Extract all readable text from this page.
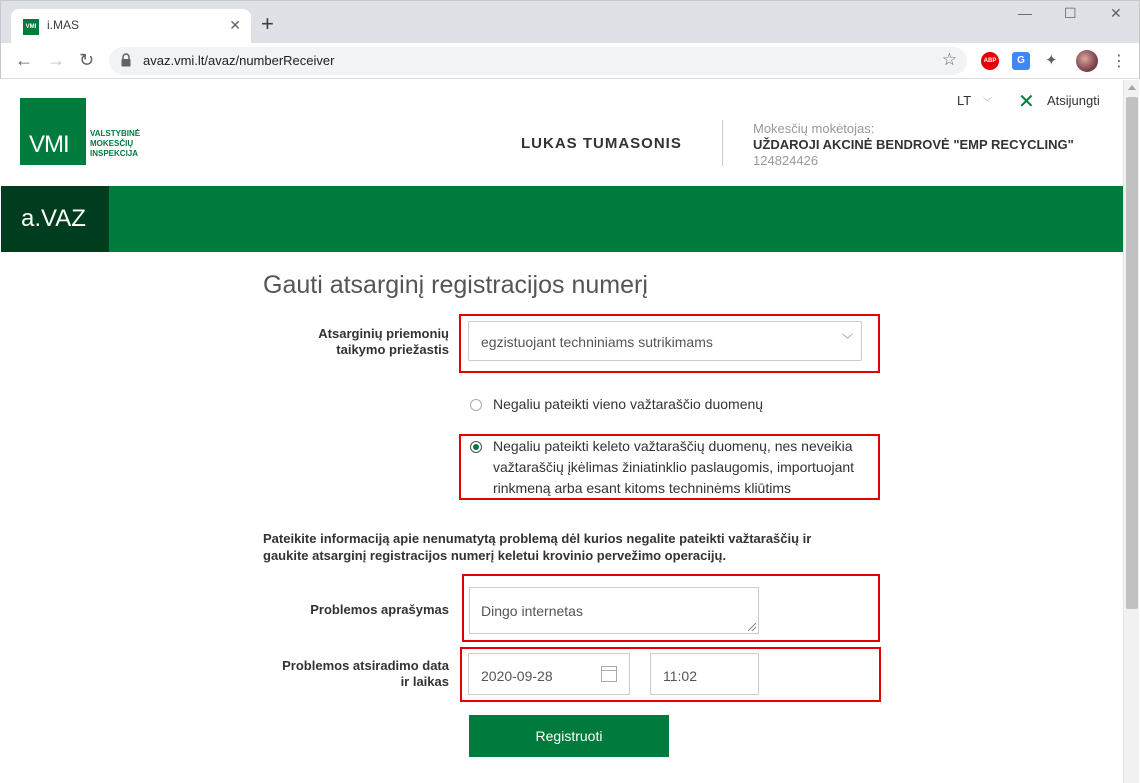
VMI i.MAS	✕ +	— ☐ ✕
← → ↻	avaz.vmi.lt/avaz/numberReceiver	☆	ABP	G	✦	⋮
VMI	VALSTYBINĖ
MOKESČIŲ
INSPEKCIJA
LT ﹀ ✕ Atsijungti
LUKAS TUMASONIS
Mokesčių mokėtojas:
UŽDAROJI AKCINĖ BENDROVĖ "EMP RECYCLING"
124824426
a.VAZ
Gauti atsarginį registracijos numerį
Atsarginių priemonių
taikymo priežastis egzistuojant techniniams sutrikimams	﹀
Negaliu pateikti vieno važtaraščio duomenų
Negaliu pateikti keleto važtaraščių duomenų, nes neveikia
važtaraščių įkėlimas žiniatinklio paslaugomis, importuojant
rinkmeną arba esant kitoms techninėms kliūtims
Pateikite informaciją apie nenumatytą problemą dėl kurios negalite pateikti važtaraščių ir
gaukite atsarginį registracijos numerį keletui krovinio pervežimo operacijų.
Problemos aprašymas Dingo internetas
Problemos atsiradimo data
ir laikas 2020-09-28	11:02
Registruoti
